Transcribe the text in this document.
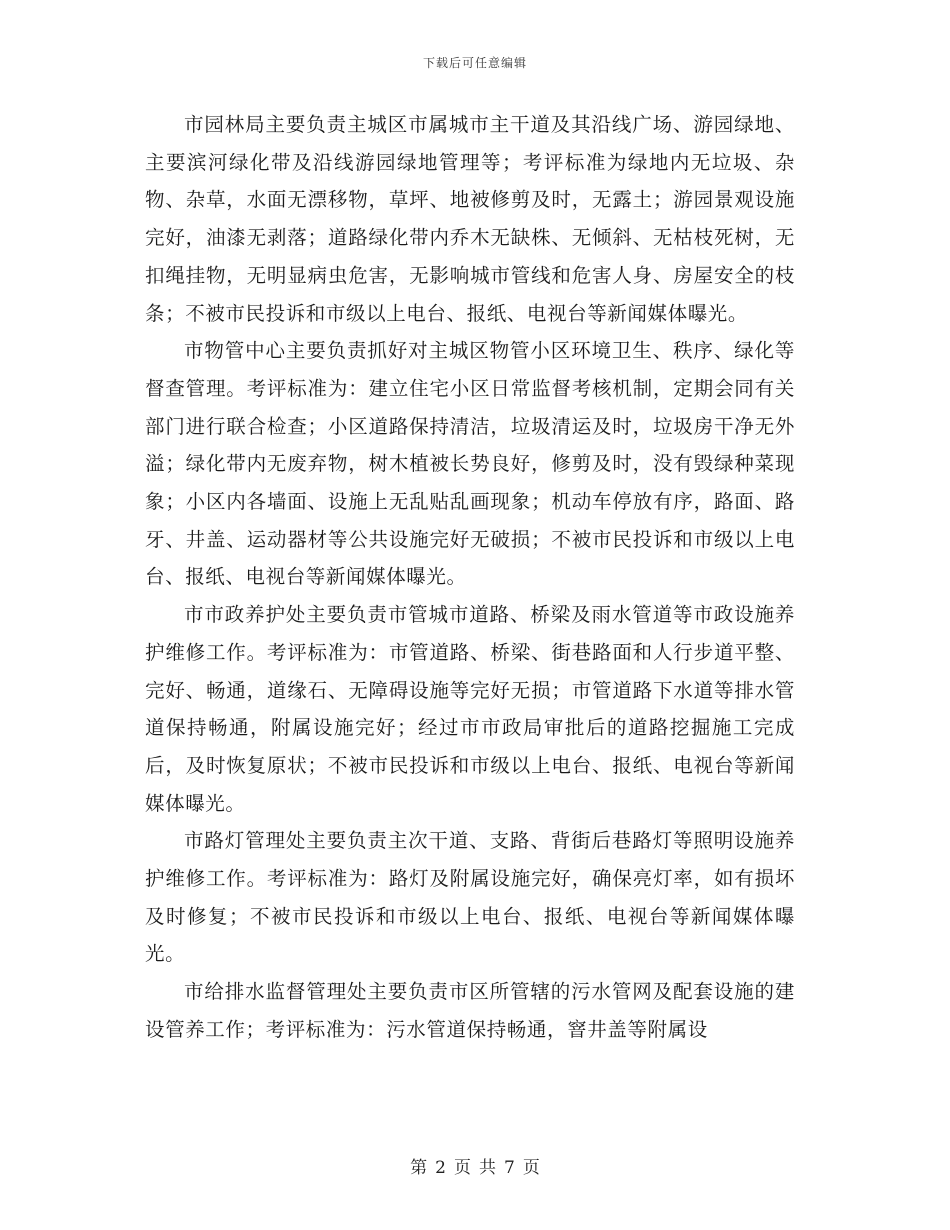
下载后可任意编辑

市园林局主要负责主城区市属城市主干道及其沿线广场、游园绿地、主要滨河绿化带及沿线游园绿地管理等；考评标准为绿地内无垃圾、杂物、杂草，水面无漂移物，草坪、地被修剪及时，无露土；游园景观设施完好，油漆无剥落；道路绿化带内乔木无缺株、无倾斜、无枯枝死树，无扣绳挂物，无明显病虫危害，无影响城市管线和危害人身、房屋安全的枝条；不被市民投诉和市级以上电台、报纸、电视台等新闻媒体曝光。

市物管中心主要负责抓好对主城区物管小区环境卫生、秩序、绿化等督查管理。考评标准为：建立住宅小区日常监督考核机制，定期会同有关部门进行联合检查；小区道路保持清洁，垃圾清运及时，垃圾房干净无外溢；绿化带内无废弃物，树木植被长势良好，修剪及时，没有毁绿种菜现象；小区内各墙面、设施上无乱贴乱画现象；机动车停放有序，路面、路牙、井盖、运动器材等公共设施完好无破损；不被市民投诉和市级以上电台、报纸、电视台等新闻媒体曝光。

市市政养护处主要负责市管城市道路、桥梁及雨水管道等市政设施养护维修工作。考评标准为：市管道路、桥梁、街巷路面和人行步道平整、完好、畅通，道缘石、无障碍设施等完好无损；市管道路下水道等排水管道保持畅通，附属设施完好；经过市市政局审批后的道路挖掘施工完成后，及时恢复原状；不被市民投诉和市级以上电台、报纸、电视台等新闻媒体曝光。

市路灯管理处主要负责主次干道、支路、背街后巷路灯等照明设施养护维修工作。考评标准为：路灯及附属设施完好，确保亮灯率，如有损坏及时修复；不被市民投诉和市级以上电台、报纸、电视台等新闻媒体曝光。

市给排水监督管理处主要负责市区所管辖的污水管网及配套设施的建设管养工作；考评标准为：污水管道保持畅通，窨井盖等附属设

第 2 页 共 7 页
